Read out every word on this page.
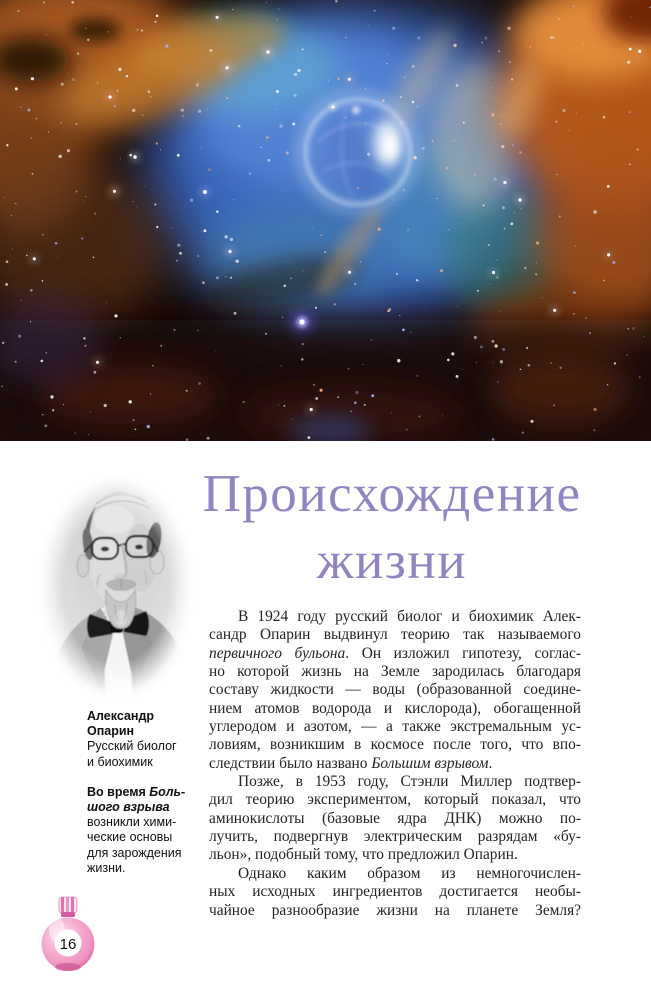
Происхождение
жизни
Александр
Опарин
Русский биолог
и биохимик
Во время Боль-
шого взрыва
возникли хими-
ческие основы
для зарождения
жизни.
В 1924 году русский биолог и биохимик Алек-
сандр Опарин выдвинул теорию так называемого
первичного бульона. Он изложил гипотезу, соглас-
но которой жизнь на Земле зародилась благодаря
составу жидкости — воды (образованной соедине-
нием атомов водорода и кислорода), обогащенной
углеродом и азотом, — а также экстремальным ус-
ловиям, возникшим в космосе после того, что впо-
следствии было названо Большим взрывом.
Позже, в 1953 году, Стэнли Миллер подтвер-
дил теорию экспериментом, который показал, что
аминокислоты (базовые ядра ДНК) можно по-
лучить, подвергнув электрическим разрядам «бу-
льон», подобный тому, что предложил Опарин.
Однако каким образом из немногочислен-
ных исходных ингредиентов достигается необы-
чайное разнообразие жизни на планете Земля?
16
